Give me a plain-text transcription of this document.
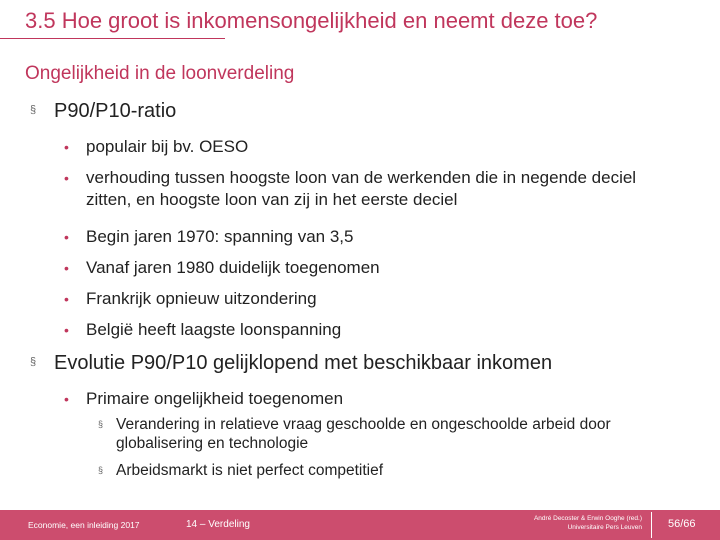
3.5 Hoe groot is inkomensongelijkheid en neemt deze toe?
Ongelijkheid in de loonverdeling
§ P90/P10-ratio
• populair bij bv. OESO
• verhouding tussen hoogste loon van de werkenden die in negende deciel zitten, en hoogste loon van zij in het eerste deciel
• Begin jaren 1970: spanning van 3,5
• Vanaf jaren 1980 duidelijk toegenomen
• Frankrijk opnieuw uitzondering
• België heeft laagste loonspanning
§ Evolutie P90/P10 gelijklopend met beschikbaar inkomen
• Primaire ongelijkheid toegenomen
§ Verandering in relatieve vraag geschoolde en ongeschoolde arbeid door globalisering en technologie
§ Arbeidsmarkt is niet perfect competitief
Economie, een inleiding 2017	14 – Verdeling
André Decoster & Erwin Ooghe (red.) Universitaire Pers Leuven 56/66
